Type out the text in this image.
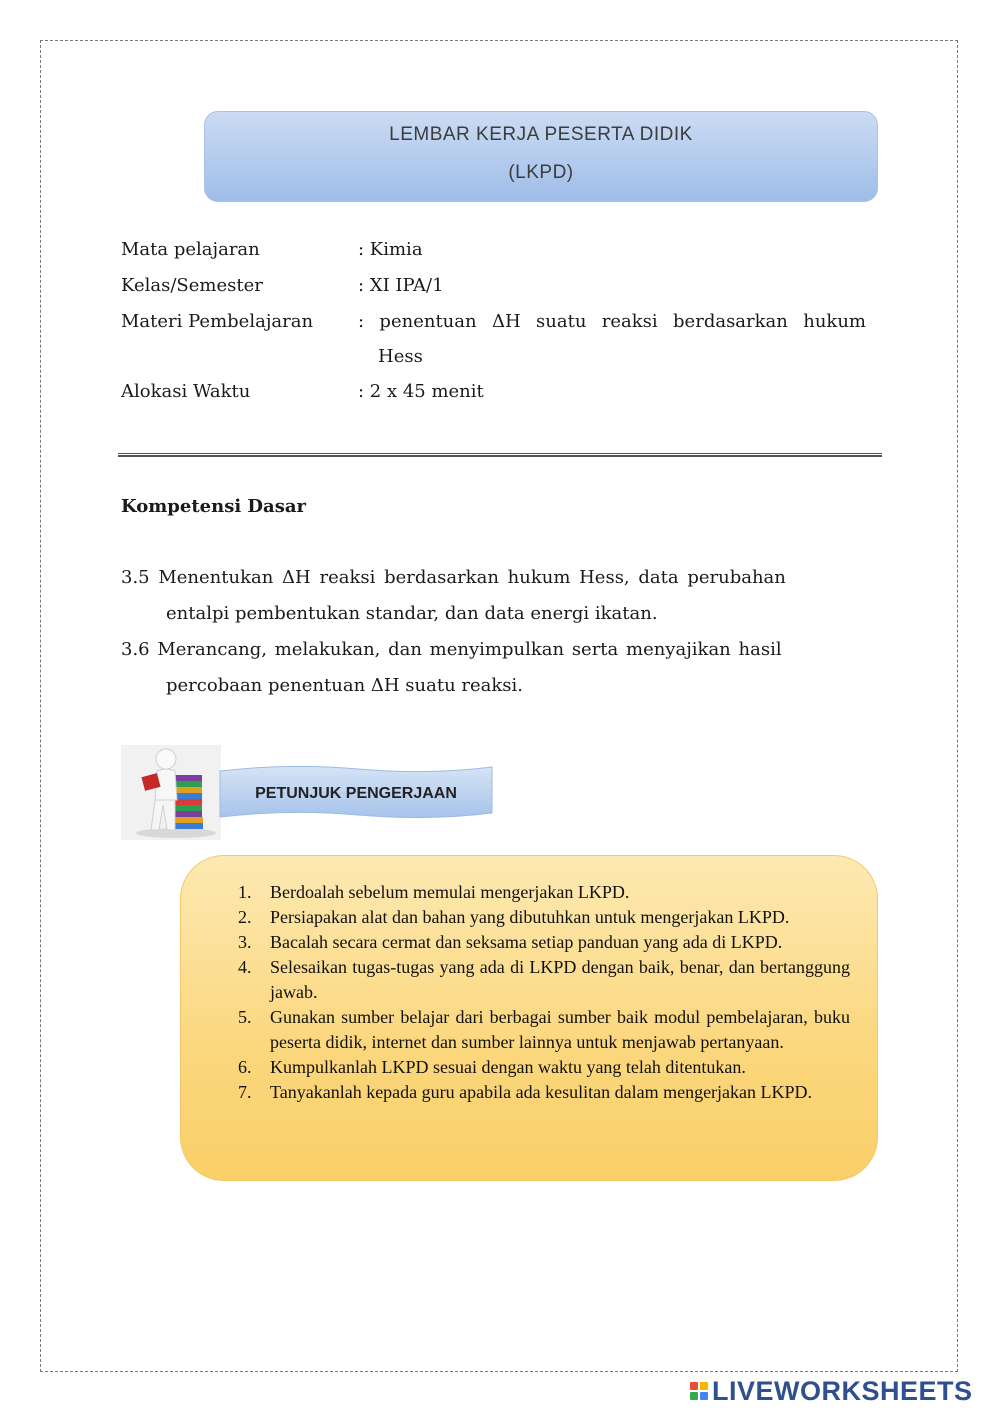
LEMBAR KERJA PESERTA DIDIK
(LKPD)
Mata pelajaran	: Kimia
Kelas/Semester	: XI IPA/1
Materi Pembelajaran : penentuan ΔH suatu reaksi berdasarkan hukum
Hess
Alokasi Waktu	: 2 x 45 menit
Kompetensi Dasar
3.5 Menentukan ΔH reaksi berdasarkan hukum Hess, data perubahan
entalpi pembentukan standar, dan data energi ikatan.
3.6 Merancang, melakukan, dan menyimpulkan serta menyajikan hasil
percobaan penentuan ΔH suatu reaksi.
PETUNJUK PENGERJAAN
1. Berdoalah sebelum memulai mengerjakan LKPD.
2. Persiapakan alat dan bahan yang dibutuhkan untuk mengerjakan LKPD.
3. Bacalah secara cermat dan seksama setiap panduan yang ada di LKPD.
4. Selesaikan tugas-tugas yang ada di LKPD dengan baik, benar, dan bertanggung jawab.
5. Gunakan sumber belajar dari berbagai sumber baik modul pembelajaran, buku peserta didik, internet dan sumber lainnya untuk menjawab pertanyaan.
6. Kumpulkanlah LKPD sesuai dengan waktu yang telah ditentukan.
7. Tanyakanlah kepada guru apabila ada kesulitan dalam mengerjakan LKPD.
LIVEWORKSHEETS
